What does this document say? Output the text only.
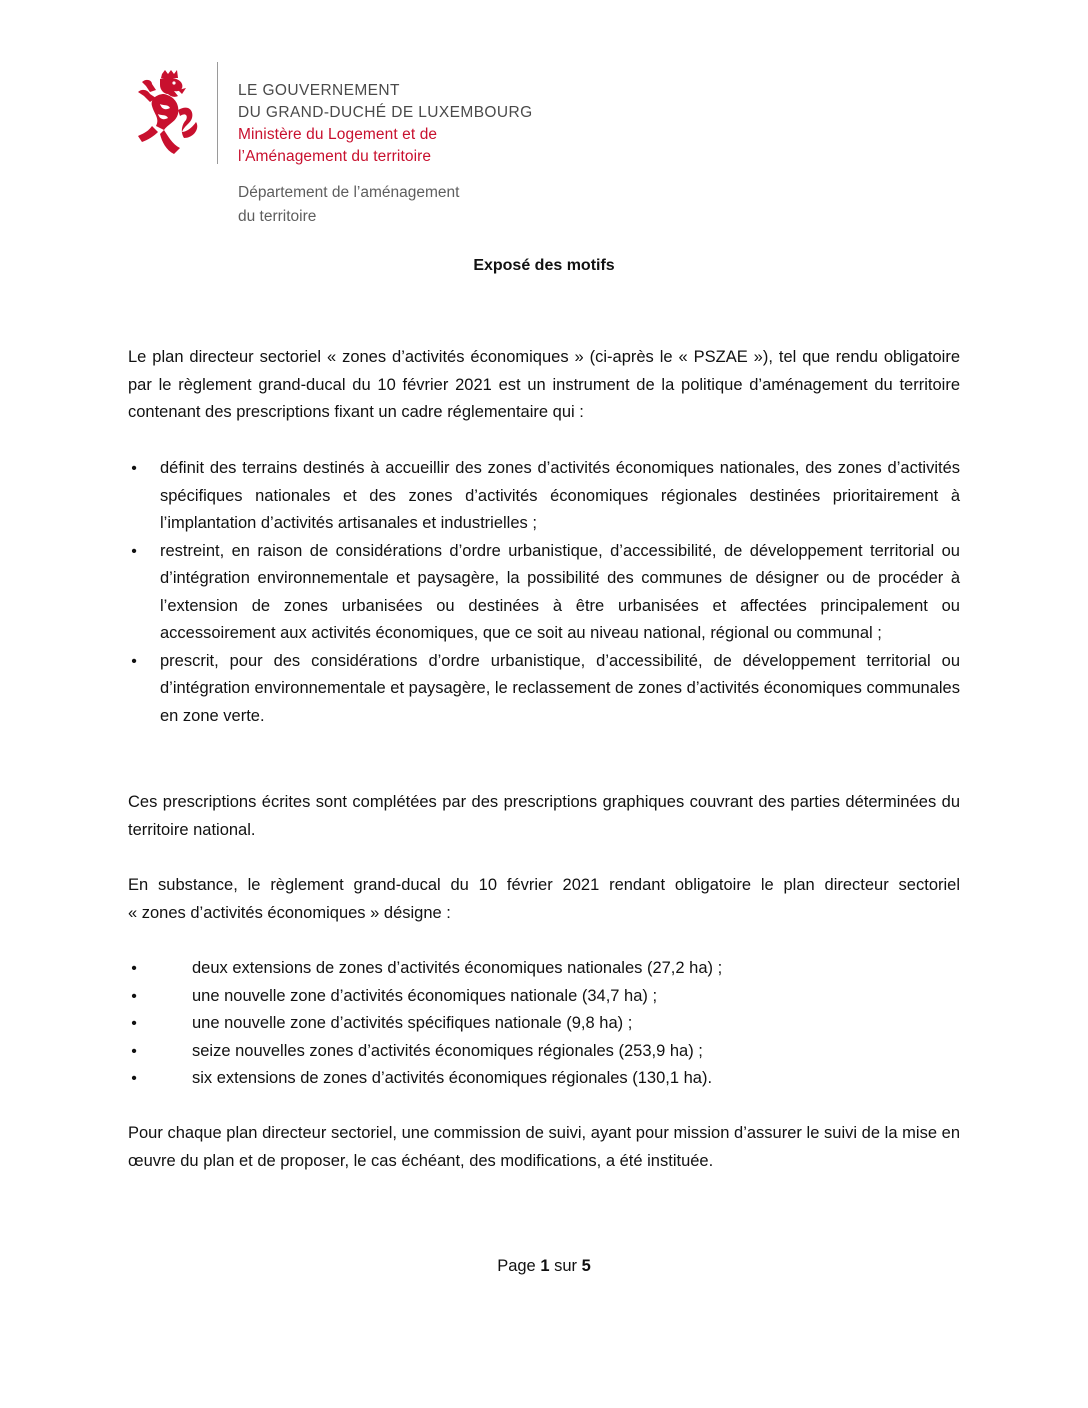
LE GOUVERNEMENT
DU GRAND-DUCHÉ DE LUXEMBOURG
Ministère du Logement et de
l’Aménagement du territoire
Département de l’aménagement
du territoire
Exposé des motifs

Le plan directeur sectoriel « zones d’activités économiques » (ci-après le « PSZAE »), tel que rendu obligatoire par le règlement grand-ducal du 10 février 2021 est un instrument de la politique d’aménagement du territoire contenant des prescriptions fixant un cadre réglementaire qui :

• définit des terrains destinés à accueillir des zones d’activités économiques nationales, des zones d’activités spécifiques nationales et des zones d’activités économiques régionales destinées prioritairement à l’implantation d’activités artisanales et industrielles ;
• restreint, en raison de considérations d’ordre urbanistique, d’accessibilité, de développement territorial ou d’intégration environnementale et paysagère, la possibilité des communes de désigner ou de procéder à l’extension de zones urbanisées ou destinées à être urbanisées et affectées principalement ou accessoirement aux activités économiques, que ce soit au niveau national, régional ou communal ;
• prescrit, pour des considérations d’ordre urbanistique, d’accessibilité, de développement territorial ou d’intégration environnementale et paysagère, le reclassement de zones d’activités économiques communales en zone verte.

Ces prescriptions écrites sont complétées par des prescriptions graphiques couvrant des parties déterminées du territoire national.

En substance, le règlement grand-ducal du 10 février 2021 rendant obligatoire le plan directeur sectoriel
« zones d’activités économiques » désigne :
•	deux extensions de zones d’activités économiques nationales (27,2 ha) ;
•	une nouvelle zone d’activités économiques nationale (34,7 ha) ;
•	une nouvelle zone d’activités spécifiques nationale (9,8 ha) ;
•	seize nouvelles zones d’activités économiques régionales (253,9 ha) ;
•	six extensions de zones d’activités économiques régionales (130,1 ha).

Pour chaque plan directeur sectoriel, une commission de suivi, ayant pour mission d’assurer le suivi de la mise en œuvre du plan et de proposer, le cas échéant, des modifications, a été instituée.

Page 1 sur 5
